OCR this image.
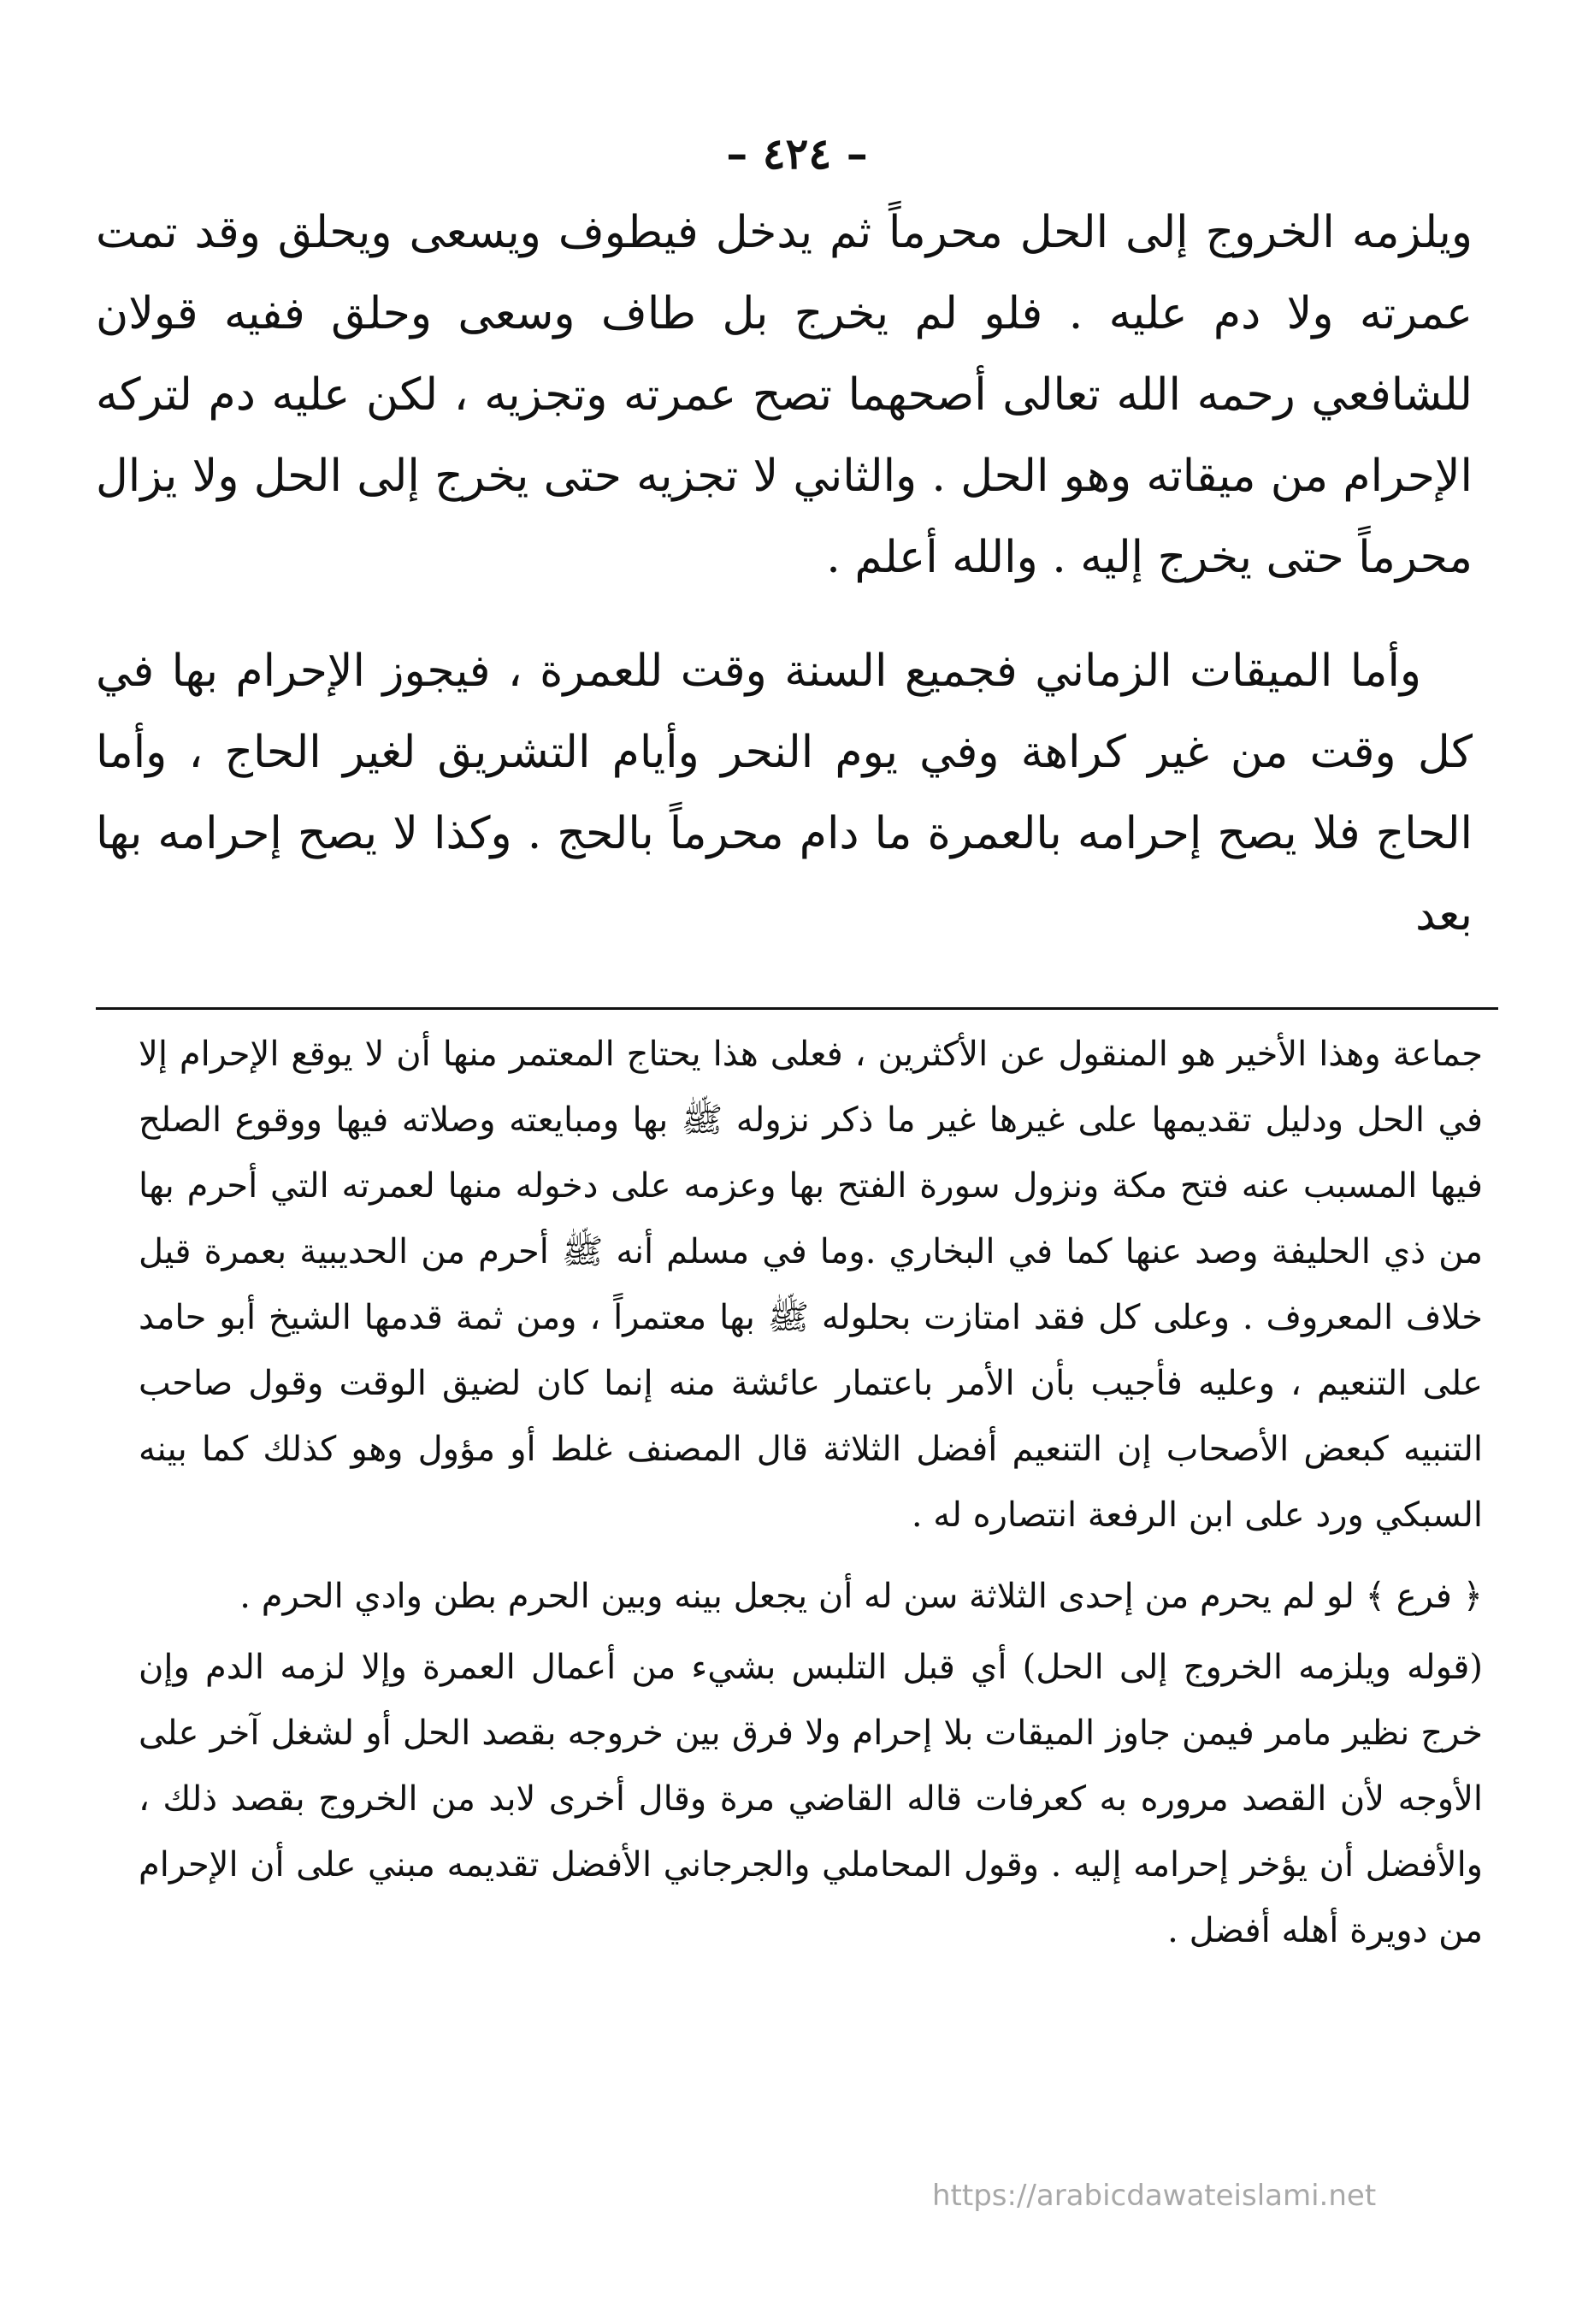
– ٤٢٤ –

ويلزمه الخروج إلى الحل محرماً ثم يدخل فيطوف ويسعى ويحلق وقد تمت عمرته ولا دم عليه . فلو لم يخرج بل طاف وسعى وحلق ففيه قولان للشافعي رحمه الله تعالى أصحهما تصح عمرته وتجزيه ، لكن عليه دم لتركه الإحرام من ميقاته وهو الحل . والثاني لا تجزيه حتى يخرج إلى الحل ولا يزال محرماً حتى يخرج إليه . والله أعلم .

وأما الميقات الزماني فجميع السنة وقت للعمرة ، فيجوز الإحرام بها في كل وقت من غير كراهة وفي يوم النحر وأيام التشريق لغير الحاج ، وأما الحاج فلا يصح إحرامه بالعمرة ما دام محرماً بالحج . وكذا لا يصح إحرامه بها بعد

جماعة وهذا الأخير هو المنقول عن الأكثرين ، فعلى هذا يحتاج المعتمر منها أن لا يوقع الإحرام إلا في الحل ودليل تقديمها على غيرها غير ما ذكر نزوله ﷺ بها ومبايعته وصلاته فيها ووقوع الصلح فيها المسبب عنه فتح مكة ونزول سورة الفتح بها وعزمه على دخوله منها لعمرته التي أحرم بها من ذي الحليفة وصد عنها كما في البخاري .وما في مسلم أنه ﷺ أحرم من الحديبية بعمرة قيل خلاف المعروف . وعلى كل فقد امتازت بحلوله ﷺ بها معتمراً ، ومن ثمة قدمها الشيخ أبو حامد على التنعيم ، وعليه فأجيب بأن الأمر باعتمار عائشة منه إنما كان لضيق الوقت وقول صاحب التنبيه كبعض الأصحاب إن التنعيم أفضل الثلاثة قال المصنف غلط أو مؤول وهو كذلك كما بينه السبكي ورد على ابن الرفعة انتصاره له .

﴿ فرع ﴾ لو لم يحرم من إحدى الثلاثة سن له أن يجعل بينه وبين الحرم بطن وادي الحرم .

(قوله ويلزمه الخروج إلى الحل) أي قبل التلبس بشيء من أعمال العمرة وإلا لزمه الدم وإن خرج نظير مامر فيمن جاوز الميقات بلا إحرام ولا فرق بين خروجه بقصد الحل أو لشغل آخر على الأوجه لأن القصد مروره به كعرفات قاله القاضي مرة وقال أخرى لابد من الخروج بقصد ذلك ، والأفضل أن يؤخر إحرامه إليه . وقول المحاملي والجرجاني الأفضل تقديمه مبني على أن الإحرام من دويرة أهله أفضل .

https://arabicdawateislami.net
